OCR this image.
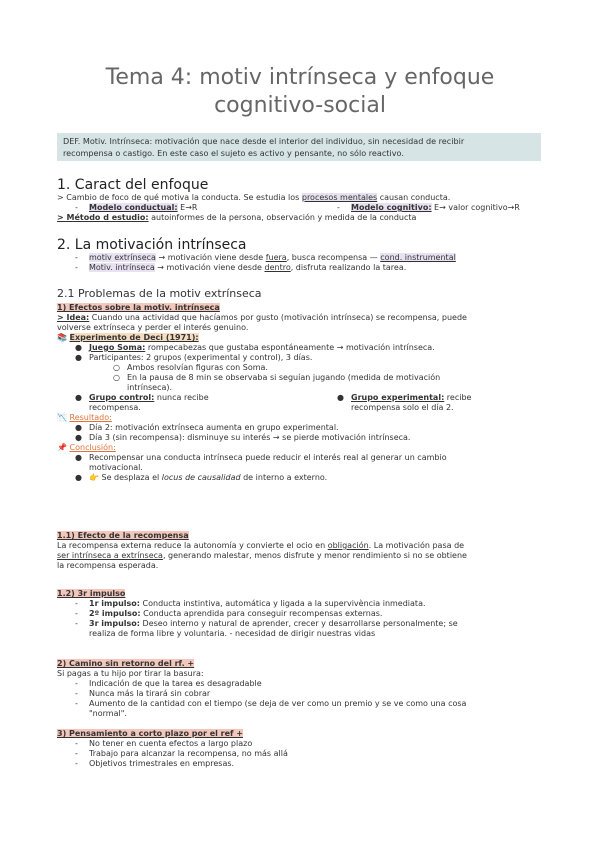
Tema 4: motiv intrínseca y enfoque
cognitivo-social
DEF. Motiv. Intrínseca: motivación que nace desde el interior del individuo, sin necesidad de recibir
recompensa o castigo. En este caso el sujeto es activo y pensante, no sólo reactivo.
1. Caract del enfoque
> Cambio de foco de qué motiva la conducta. Se estudia los procesos mentales causan conducta.
- Modelo conductual: E→R	- Modelo cognitivo: E→ valor cognitivo→R
> Método d estudio: autoinformes de la persona, observación y medida de la conducta
2. La motivación intrínseca
- motiv extrínseca → motivación viene desde fuera, busca recompensa — cond. instrumental
- Motiv. intrínseca → motivación viene desde dentro, disfruta realizando la tarea.
2.1 Problemas de la motiv extrínseca
1) Efectos sobre la motiv. intrínseca
> Idea: Cuando una actividad que hacíamos por gusto (motivación intrínseca) se recompensa, puede
volverse extrínseca y perder el interés genuino.
📚 Experimento de Deci (1971):
● Juego Soma: rompecabezas que gustaba espontáneamente → motivación intrínseca.
● Participantes: 2 grupos (experimental y control), 3 días.
○ Ambos resolvían figuras con Soma.
○ En la pausa de 8 min se observaba si seguían jugando (medida de motivación
intrínseca).
● Grupo control: nunca recibe
recompensa.
● Grupo experimental: recibe
recompensa solo el día 2.
📉 Resultado:
● Día 2: motivación extrínseca aumenta en grupo experimental.
● Día 3 (sin recompensa): disminuye su interés → se pierde motivación intrínseca.
📌 Conclusión:
● Recompensar una conducta intrínseca puede reducir el interés real al generar un cambio
motivacional.
● 👉 Se desplaza el locus de causalidad de interno a externo.
1.1) Efecto de la recompensa
La recompensa externa reduce la autonomía y convierte el ocio en obligación. La motivación pasa de
ser intrínseca a extrínseca, generando malestar, menos disfrute y menor rendimiento si no se obtiene
la recompensa esperada.
1.2) 3r impulso
- 1r impulso: Conducta instintiva, automática y ligada a la supervivència inmediata.
- 2º impulso: Conducta aprendida para conseguir recompensas externas.
- 3r impulso: Deseo interno y natural de aprender, crecer y desarrollarse personalmente; se
realiza de forma libre y voluntaria. - necesidad de dirigir nuestras vidas
2) Camino sin retorno del rf. +
Si pagas a tu hijo por tirar la basura:
- Indicación de que la tarea es desagradable
- Nunca más la tirará sin cobrar
- Aumento de la cantidad con el tiempo (se deja de ver como un premio y se ve como una cosa
"normal".
3) Pensamiento a corto plazo por el ref +
- No tener en cuenta efectos a largo plazo
- Trabajo para alcanzar la recompensa, no más allá
- Objetivos trimestrales en empresas.
